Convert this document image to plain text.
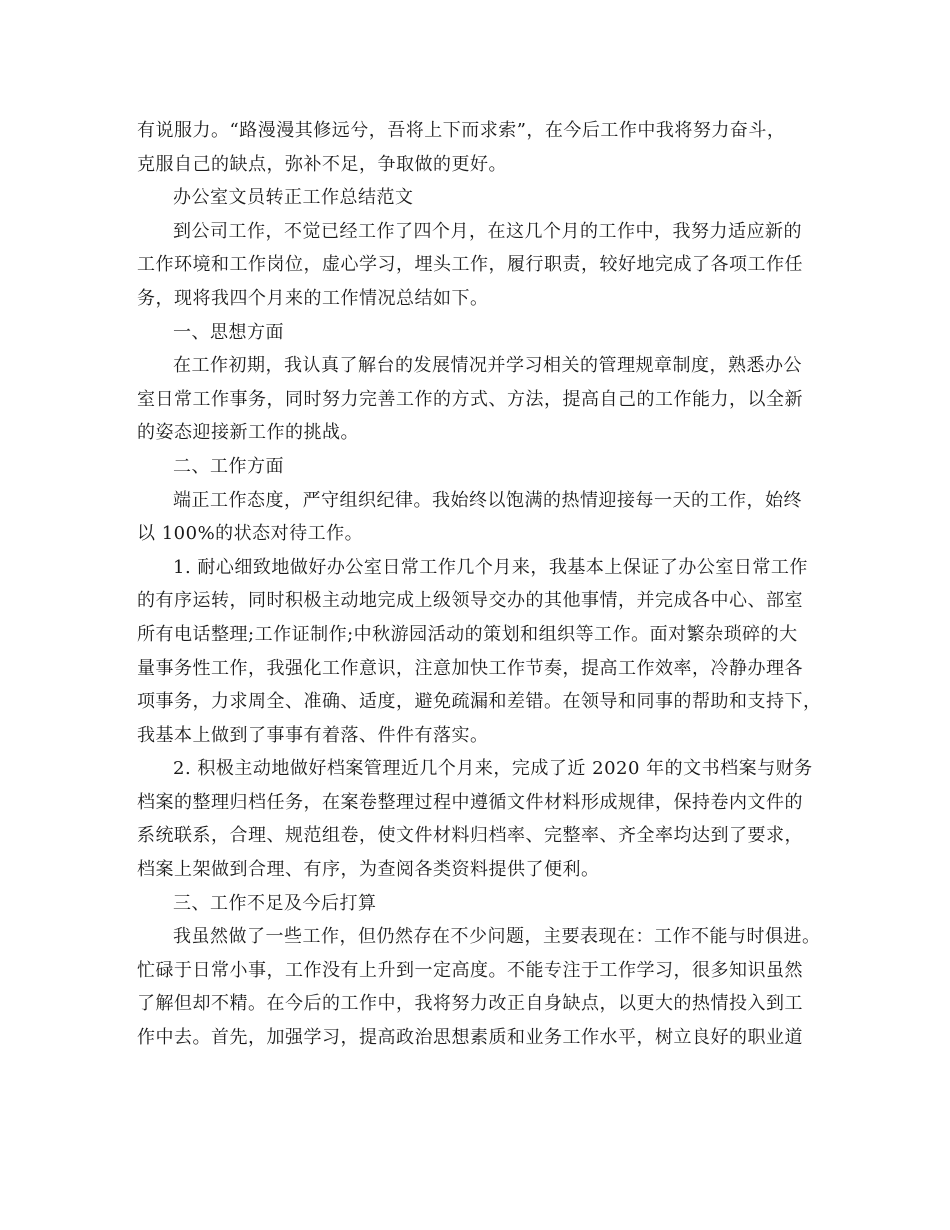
有说服力。“路漫漫其修远兮，吾将上下而求索”，在今后工作中我将努力奋斗，
克服自己的缺点，弥补不足，争取做的更好。
办公室文员转正工作总结范文
到公司工作，不觉已经工作了四个月，在这几个月的工作中，我努力适应新的
工作环境和工作岗位，虚心学习，埋头工作，履行职责，较好地完成了各项工作任
务，现将我四个月来的工作情况总结如下。
一、思想方面
在工作初期，我认真了解台的发展情况并学习相关的管理规章制度，熟悉办公
室日常工作事务，同时努力完善工作的方式、方法，提高自己的工作能力，以全新
的姿态迎接新工作的挑战。
二、工作方面
端正工作态度，严守组织纪律。我始终以饱满的热情迎接每一天的工作，始终
以 100%的状态对待工作。
1. 耐心细致地做好办公室日常工作几个月来，我基本上保证了办公室日常工作
的有序运转，同时积极主动地完成上级领导交办的其他事情，并完成各中心、部室
所有电话整理;工作证制作;中秋游园活动的策划和组织等工作。面对繁杂琐碎的大
量事务性工作，我强化工作意识，注意加快工作节奏，提高工作效率，冷静办理各
项事务，力求周全、准确、适度，避免疏漏和差错。在领导和同事的帮助和支持下，
我基本上做到了事事有着落、件件有落实。
2. 积极主动地做好档案管理近几个月来，完成了近 2020 年的文书档案与财务
档案的整理归档任务，在案卷整理过程中遵循文件材料形成规律，保持卷内文件的
系统联系，合理、规范组卷，使文件材料归档率、完整率、齐全率均达到了要求，
档案上架做到合理、有序，为查阅各类资料提供了便利。
三、工作不足及今后打算
我虽然做了一些工作，但仍然存在不少问题，主要表现在：工作不能与时俱进。
忙碌于日常小事，工作没有上升到一定高度。不能专注于工作学习，很多知识虽然
了解但却不精。在今后的工作中，我将努力改正自身缺点，以更大的热情投入到工
作中去。首先，加强学习，提高政治思想素质和业务工作水平，树立良好的职业道
